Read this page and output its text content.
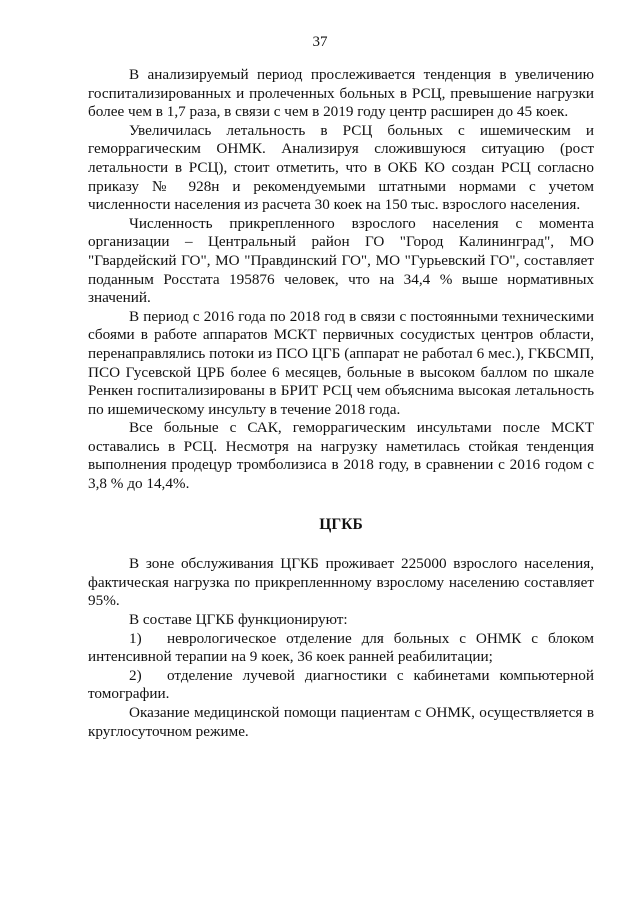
37

В анализируемый период прослеживается тенденция в увеличению госпитализированных и пролеченных больных в РСЦ, превышение нагрузки более чем в 1,7 раза, в связи с чем в 2019 году центр расширен до 45 коек.

Увеличилась летальность в РСЦ больных с ишемическим и геморрагическим ОНМК. Анализируя сложившуюся ситуацию (рост летальности в РСЦ), стоит отметить, что в ОКБ КО создан РСЦ согласно приказу № 928н и рекомендуемыми штатными нормами с учетом численности населения из расчета 30 коек на 150 тыс. взрослого населения.

Численность прикрепленного взрослого населения с момента организации – Центральный район ГО "Город Калининград", МО "Гвардейский ГО", МО "Правдинский ГО", МО "Гурьевский ГО", составляет поданным Росстата 195876 человек, что на 34,4 % выше нормативных значений.

В период с 2016 года по 2018 год в связи с постоянными техническими сбоями в работе аппаратов МСКТ первичных сосудистых центров области, перенаправлялись потоки из ПСО ЦГБ (аппарат не работал 6 мес.), ГКБСМП, ПСО Гусевской ЦРБ более 6 месяцев, больные в высоком баллом по шкале Ренкен госпитализированы в БРИТ РСЦ чем объяснима высокая летальность по ишемическому инсульту в течение 2018 года.

Все больные с САК, геморрагическим инсультами после МСКТ оставались в РСЦ. Несмотря на нагрузку наметилась стойкая тенденция выполнения продецур тромболизиса в 2018 году, в сравнении с 2016 годом с 3,8 % до 14,4%.

ЦГКБ

В зоне обслуживания ЦГКБ проживает 225000 взрослого населения, фактическая нагрузка по прикрепленнному взрослому населению составляет 95%.

В составе ЦГКБ функционируют:

1) неврологическое отделение для больных с ОНМК с блоком интенсивной терапии на 9 коек, 36 коек ранней реабилитации;

2) отделение лучевой диагностики с кабинетами компьютерной томографии.

Оказание медицинской помощи пациентам с ОНМК, осуществляется в круглосуточном режиме.
